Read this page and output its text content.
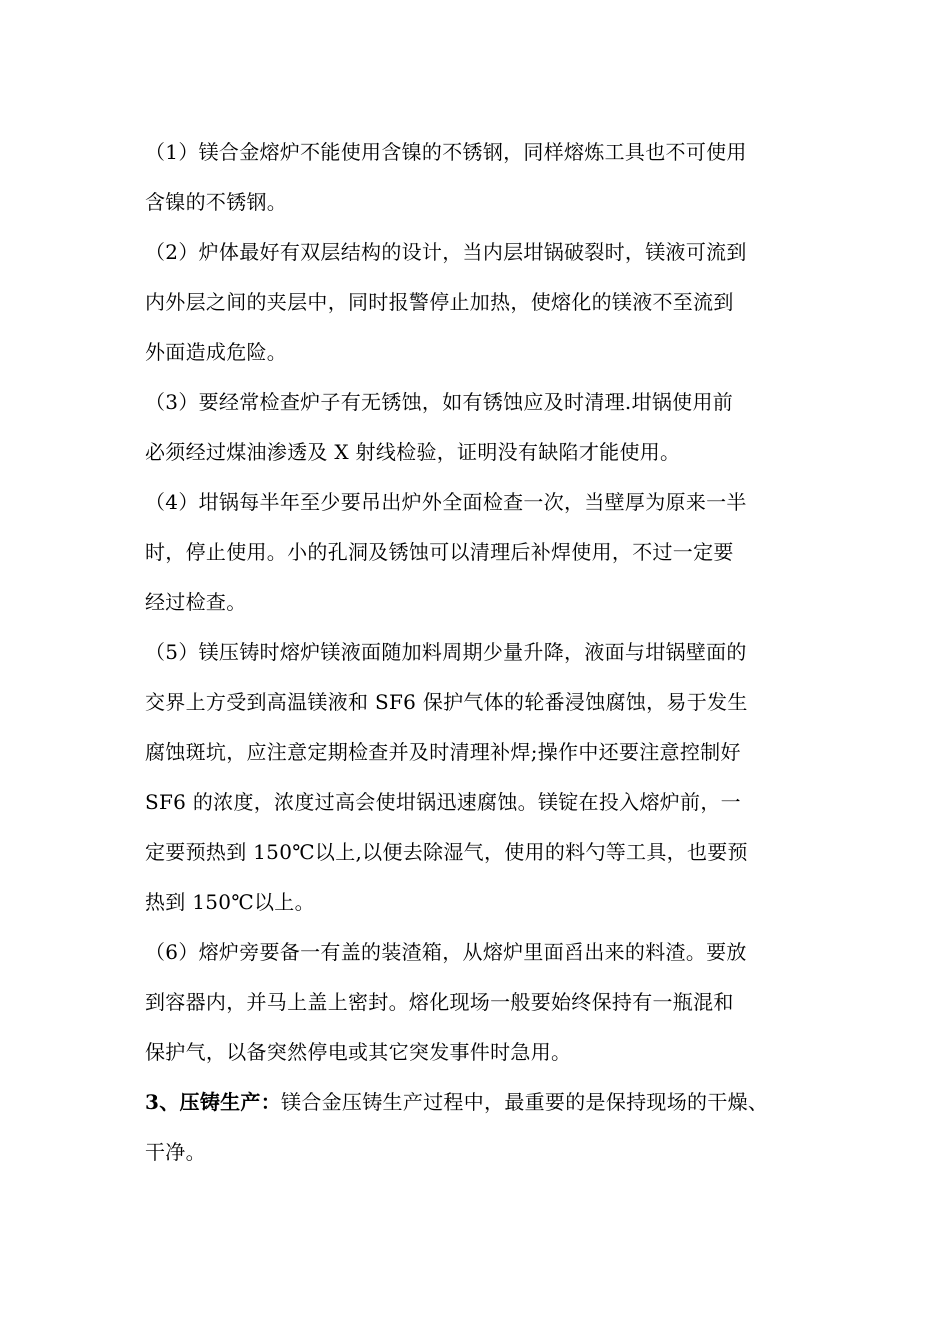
（1）镁合金熔炉不能使用含镍的不锈钢，同样熔炼工具也不可使用
含镍的不锈钢。
（2）炉体最好有双层结构的设计，当内层坩锅破裂时，镁液可流到
内外层之间的夹层中，同时报警停止加热，使熔化的镁液不至流到
外面造成危险。
（3）要经常检查炉子有无锈蚀，如有锈蚀应及时清理.坩锅使用前
必须经过煤油渗透及 X 射线检验，证明没有缺陷才能使用。
（4）坩锅每半年至少要吊出炉外全面检查一次，当壁厚为原来一半
时，停止使用。小的孔洞及锈蚀可以清理后补焊使用，不过一定要
经过检查。
（5）镁压铸时熔炉镁液面随加料周期少量升降，液面与坩锅壁面的
交界上方受到高温镁液和 SF6 保护气体的轮番浸蚀腐蚀，易于发生
腐蚀斑坑，应注意定期检查并及时清理补焊;操作中还要注意控制好
SF6 的浓度，浓度过高会使坩锅迅速腐蚀。镁锭在投入熔炉前，一
定要预热到 150℃以上,以便去除湿气，使用的料勺等工具，也要预
热到 150℃以上。
（6）熔炉旁要备一有盖的装渣箱，从熔炉里面舀出来的料渣。要放
到容器内，并马上盖上密封。熔化现场一般要始终保持有一瓶混和
保护气，以备突然停电或其它突发事件时急用。
3、压铸生产：镁合金压铸生产过程中，最重要的是保持现场的干燥、
干净。
